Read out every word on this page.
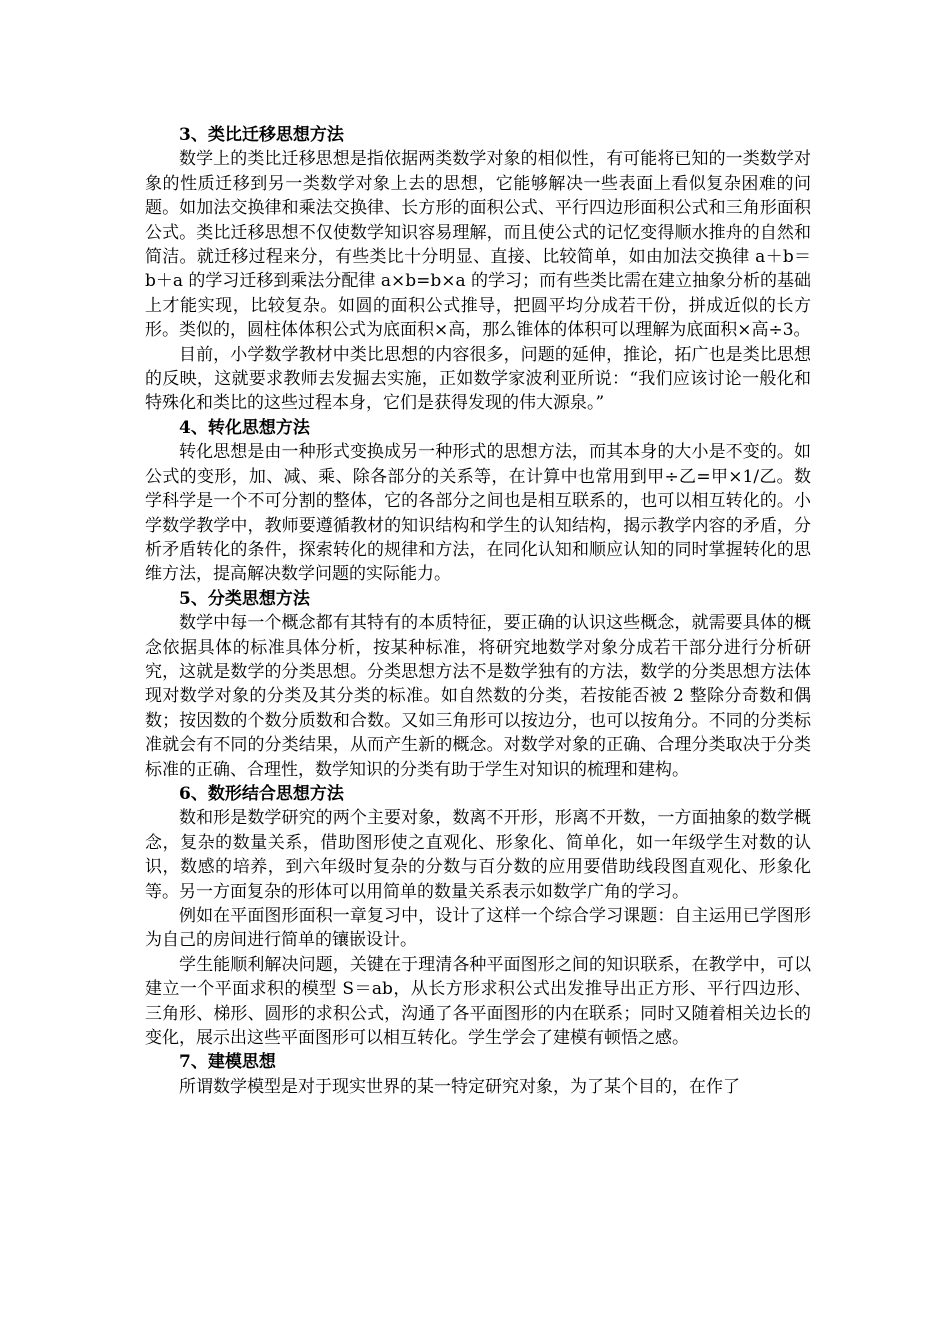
3、类比迁移思想方法

数学上的类比迁移思想是指依据两类数学对象的相似性，有可能将已知的一类数学对象的性质迁移到另一类数学对象上去的思想，它能够解决一些表面上看似复杂困难的问题。如加法交换律和乘法交换律、长方形的面积公式、平行四边形面积公式和三角形面积公式。类比迁移思想不仅使数学知识容易理解，而且使公式的记忆变得顺水推舟的自然和简洁。就迁移过程来分，有些类比十分明显、直接、比较简单，如由加法交换律 a＋b＝b＋a 的学习迁移到乘法分配律 a×b=b×a 的学习；而有些类比需在建立抽象分析的基础上才能实现，比较复杂。如圆的面积公式推导，把圆平均分成若干份，拼成近似的长方形。类似的，圆柱体体积公式为底面积×高，那么锥体的体积可以理解为底面积×高÷3。

目前，小学数学教材中类比思想的内容很多，问题的延伸，推论，拓广也是类比思想的反映，这就要求教师去发掘去实施，正如数学家波利亚所说：“我们应该讨论一般化和特殊化和类比的这些过程本身，它们是获得发现的伟大源泉。”

4、转化思想方法

转化思想是由一种形式变换成另一种形式的思想方法，而其本身的大小是不变的。如公式的变形，加、减、乘、除各部分的关系等，在计算中也常用到甲÷乙=甲×1/乙。数学科学是一个不可分割的整体，它的各部分之间也是相互联系的，也可以相互转化的。小学数学教学中，教师要遵循教材的知识结构和学生的认知结构，揭示教学内容的矛盾，分析矛盾转化的条件，探索转化的规律和方法，在同化认知和顺应认知的同时掌握转化的思维方法，提高解决数学问题的实际能力。

5、分类思想方法

数学中每一个概念都有其特有的本质特征，要正确的认识这些概念，就需要具体的概念依据具体的标准具体分析，按某种标准，将研究地数学对象分成若干部分进行分析研究，这就是数学的分类思想。分类思想方法不是数学独有的方法，数学的分类思想方法体现对数学对象的分类及其分类的标准。如自然数的分类，若按能否被 2 整除分奇数和偶数；按因数的个数分质数和合数。又如三角形可以按边分，也可以按角分。不同的分类标准就会有不同的分类结果，从而产生新的概念。对数学对象的正确、合理分类取决于分类标准的正确、合理性，数学知识的分类有助于学生对知识的梳理和建构。

6、数形结合思想方法

数和形是数学研究的两个主要对象，数离不开形，形离不开数，一方面抽象的数学概念，复杂的数量关系，借助图形使之直观化、形象化、简单化，如一年级学生对数的认识，数感的培养，到六年级时复杂的分数与百分数的应用要借助线段图直观化、形象化等。另一方面复杂的形体可以用简单的数量关系表示如数学广角的学习。

例如在平面图形面积一章复习中，设计了这样一个综合学习课题：自主运用已学图形为自己的房间进行简单的镶嵌设计。

学生能顺利解决问题，关键在于理清各种平面图形之间的知识联系，在教学中，可以建立一个平面求积的模型 S＝ab，从长方形求积公式出发推导出正方形、平行四边形、三角形、梯形、圆形的求积公式，沟通了各平面图形的内在联系；同时又随着相关边长的变化，展示出这些平面图形可以相互转化。学生学会了建模有顿悟之感。

7、建模思想

所谓数学模型是对于现实世界的某一特定研究对象，为了某个目的，在作了
